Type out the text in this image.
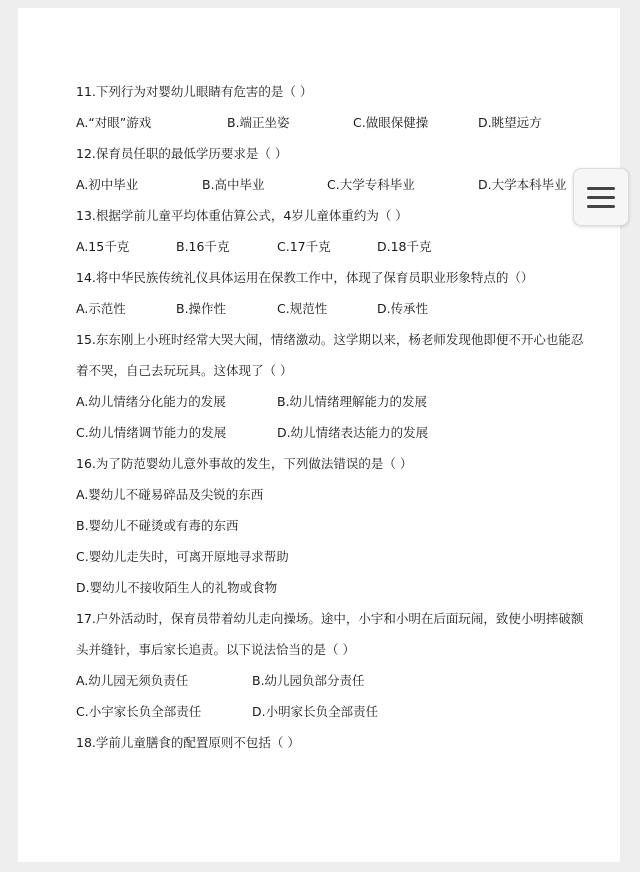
11.下列行为对婴幼儿眼睛有危害的是（ ）
A.“对眼”游戏	B.端正坐姿	C.做眼保健操	D.眺望远方
12.保育员任职的最低学历要求是（ ）
A.初中毕业	B.高中毕业	C.大学专科毕业	D.大学本科毕业
13.根据学前儿童平均体重估算公式，4岁儿童体重约为（ ）
A.15千克	B.16千克	C.17千克	D.18千克
14.将中华民族传统礼仪具体运用在保教工作中，体现了保育员职业形象特点的（）
A.示范性	B.操作性	C.规范性	D.传承性
15.东东刚上小班时经常大哭大闹，情绪激动。这学期以来，杨老师发现他即便不开心也能忍
着不哭，自己去玩玩具。这体现了（ ）
A.幼儿情绪分化能力的发展	B.幼儿情绪理解能力的发展
C.幼儿情绪调节能力的发展	D.幼儿情绪表达能力的发展
16.为了防范婴幼儿意外事故的发生，下列做法错误的是（ ）
A.婴幼儿不碰易碎品及尖锐的东西
B.婴幼儿不碰烫或有毒的东西
C.婴幼儿走失时，可离开原地寻求帮助
D.婴幼儿不接收陌生人的礼物或食物
17.户外活动时，保育员带着幼儿走向操场。途中，小宇和小明在后面玩闹，致使小明摔破额
头并缝针，事后家长追责。以下说法恰当的是（ ）
A.幼儿园无须负责任	B.幼儿园负部分责任
C.小宇家长负全部责任	D.小明家长负全部责任
18.学前儿童膳食的配置原则不包括（ ）
